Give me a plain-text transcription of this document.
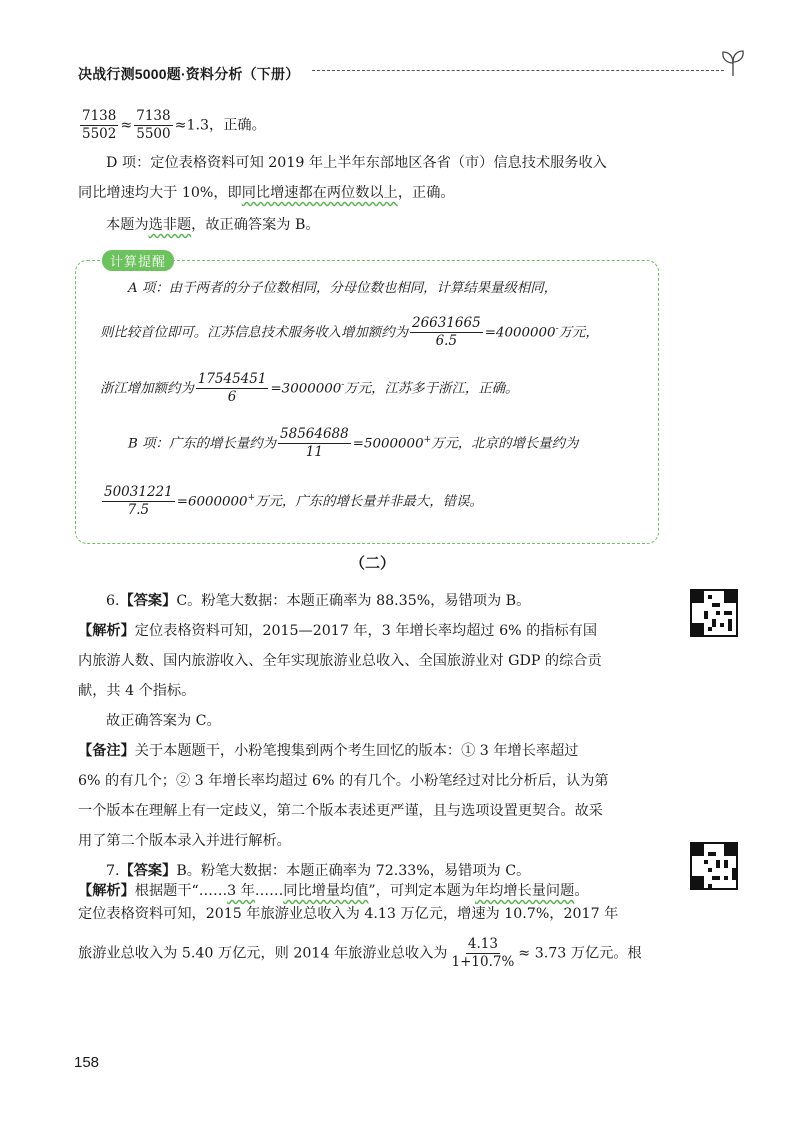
决战行测5000题·资料分析（下册）
$\frac{7138}{5502} \approx \frac{7138}{5500} \approx 1.3$，正确。
D 项：定位表格资料可知 2019 年上半年东部地区各省（市）信息技术服务收入
同比增速均大于 10%，即同比增速都在两位数以上，正确。
本题为选非题，故正确答案为 B。
计算提醒
A 项：由于两者的分子位数相同，分母位数也相同，计算结果量级相同，
则比较首位即可。江苏信息技术服务收入增加额约为 $\frac{26631665}{6.5} =4000000^-$万元，
浙江增加额约为 $\frac{17545451}{6} =3000000^-$万元，江苏多于浙江，正确。
B 项：广东的增长量约为 $\frac{58564688}{11} =5000000^+$万元，北京的增长量约为
$\frac{50031221}{7.5} =6000000^+$万元，广东的增长量并非最大，错误。
（二）
6.【答案】C。粉笔大数据：本题正确率为 88.35%，易错项为 B。
【解析】定位表格资料可知，2015—2017 年，3 年增长率均超过 6% 的指标有国
内旅游人数、国内旅游收入、全年实现旅游业总收入、全国旅游业对 GDP 的综合贡
献，共 4 个指标。
故正确答案为 C。
【备注】关于本题题干，小粉笔搜集到两个考生回忆的版本：① 3 年增长率超过
6% 的有几个；② 3 年增长率均超过 6% 的有几个。小粉笔经过对比分析后，认为第
一个版本在理解上有一定歧义，第二个版本表述更严谨，且与选项设置更契合。故采
用了第二个版本录入并进行解析。
7.【答案】B。粉笔大数据：本题正确率为 72.33%，易错项为 C。
【解析】根据题干“……3 年……同比增量均值”，可判定本题为年均增长量问题。
定位表格资料可知，2015 年旅游业总收入为 4.13 万亿元，增速为 10.7%，2017 年
旅游业总收入为 5.40 万亿元，则 2014 年旅游业总收入为 $\frac{4.13}{1+10.7\%} \approx 3.73$ 万亿元。根
158
